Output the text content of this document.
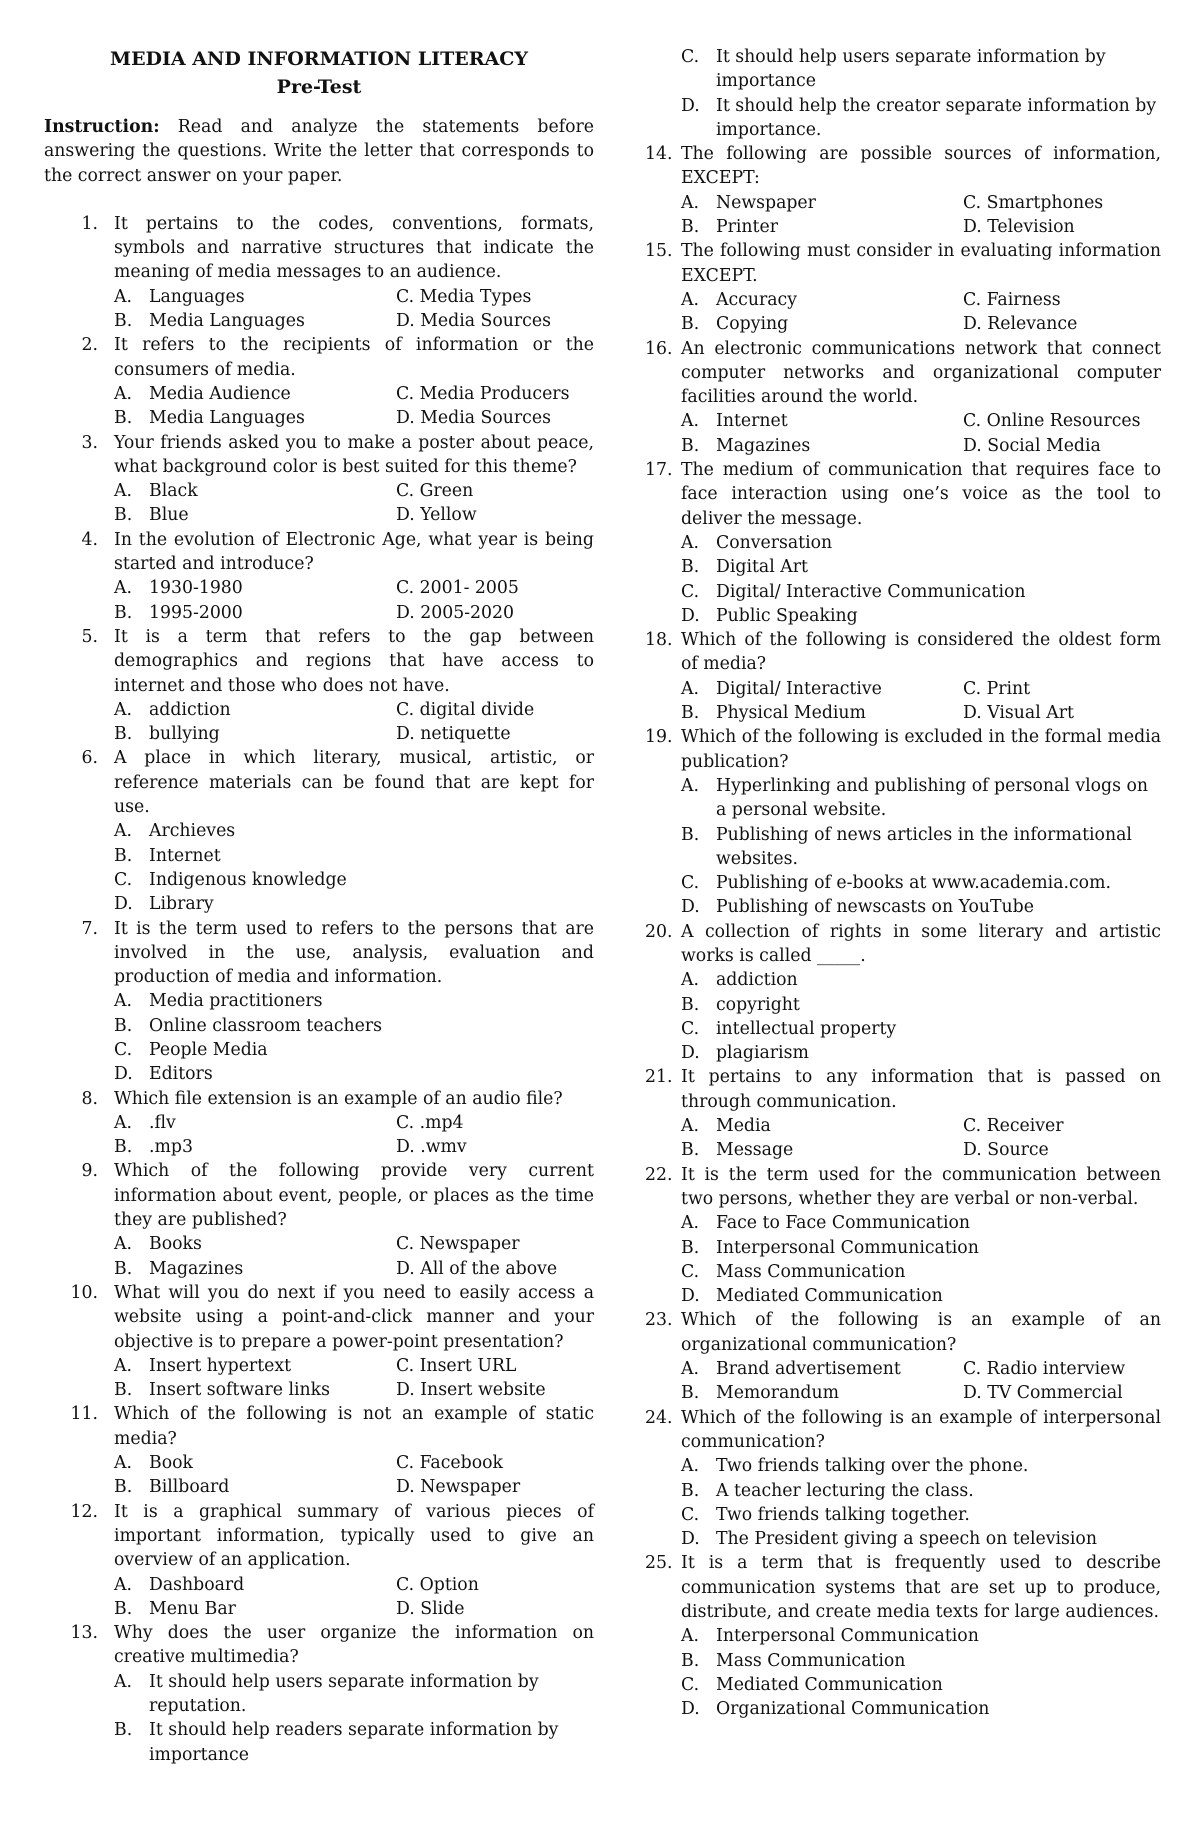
MEDIA AND INFORMATION LITERACY
Pre-Test
Instruction: Read and analyze the statements before answering the questions. Write the letter that corresponds to the correct answer on your paper.
1. It pertains to the codes, conventions, formats, symbols and narrative structures that indicate the meaning of media messages to an audience.
A. Languages	C. Media Types
B. Media Languages	D. Media Sources
2. It refers to the recipients of information or the consumers of media.
A. Media Audience	C. Media Producers
B. Media Languages	D. Media Sources
3. Your friends asked you to make a poster about peace, what background color is best suited for this theme?
A. Black	C. Green
B. Blue	D. Yellow
4. In the evolution of Electronic Age, what year is being started and introduce?
A. 1930-1980	C. 2001- 2005
B. 1995-2000	D. 2005-2020
5. It is a term that refers to the gap between demographics and regions that have access to internet and those who does not have.
A. addiction	C. digital divide
B. bullying	D. netiquette
6. A place in which literary, musical, artistic, or reference materials can be found that are kept for use.
A. Archieves
B. Internet
C. Indigenous knowledge
D. Library
7. It is the term used to refers to the persons that are involved in the use, analysis, evaluation and production of media and information.
A. Media practitioners
B. Online classroom teachers
C. People Media
D. Editors
8. Which file extension is an example of an audio file?
A. .flv	C. .mp4
B. .mp3	D. .wmv
9. Which of the following provide very current information about event, people, or places as the time they are published?
A. Books	C. Newspaper
B. Magazines	D. All of the above
10. What will you do next if you need to easily access a website using a point-and-click manner and your objective is to prepare a power-point presentation?
A. Insert hypertext	C. Insert URL
B. Insert software links	D. Insert website
11. Which of the following is not an example of static media?
A. Book	C. Facebook
B. Billboard	D. Newspaper
12. It is a graphical summary of various pieces of important information, typically used to give an overview of an application.
A. Dashboard	C. Option
B. Menu Bar	D. Slide
13. Why does the user organize the information on creative multimedia?
A. It should help users separate information by reputation.
B. It should help readers separate information by importance
C. It should help users separate information by importance
D. It should help the creator separate information by importance.
14. The following are possible sources of information, EXCEPT:
A. Newspaper	C. Smartphones
B. Printer	D. Television
15. The following must consider in evaluating information EXCEPT.
A. Accuracy	C. Fairness
B. Copying	D. Relevance
16. An electronic communications network that connect computer networks and organizational computer facilities around the world.
A. Internet	C. Online Resources
B. Magazines	D. Social Media
17. The medium of communication that requires face to face interaction using one’s voice as the tool to deliver the message.
A. Conversation
B. Digital Art
C. Digital/ Interactive Communication
D. Public Speaking
18. Which of the following is considered the oldest form of media?
A. Digital/ Interactive	C. Print
B. Physical Medium	D. Visual Art
19. Which of the following is excluded in the formal media publication?
A. Hyperlinking and publishing of personal vlogs on a personal website.
B. Publishing of news articles in the informational websites.
C. Publishing of e-books at www.academia.com.
D. Publishing of newscasts on YouTube
20. A collection of rights in some literary and artistic works is called _____.
A. addiction
B. copyright
C. intellectual property
D. plagiarism
21. It pertains to any information that is passed on through communication.
A. Media	C. Receiver
B. Message	D. Source
22. It is the term used for the communication between two persons, whether they are verbal or non-verbal.
A. Face to Face Communication
B. Interpersonal Communication
C. Mass Communication
D. Mediated Communication
23. Which of the following is an example of an organizational communication?
A. Brand advertisement	C. Radio interview
B. Memorandum	D. TV Commercial
24. Which of the following is an example of interpersonal communication?
A. Two friends talking over the phone.
B. A teacher lecturing the class.
C. Two friends talking together.
D. The President giving a speech on television
25. It is a term that is frequently used to describe communication systems that are set up to produce, distribute, and create media texts for large audiences.
A. Interpersonal Communication
B. Mass Communication
C. Mediated Communication
D. Organizational Communication
